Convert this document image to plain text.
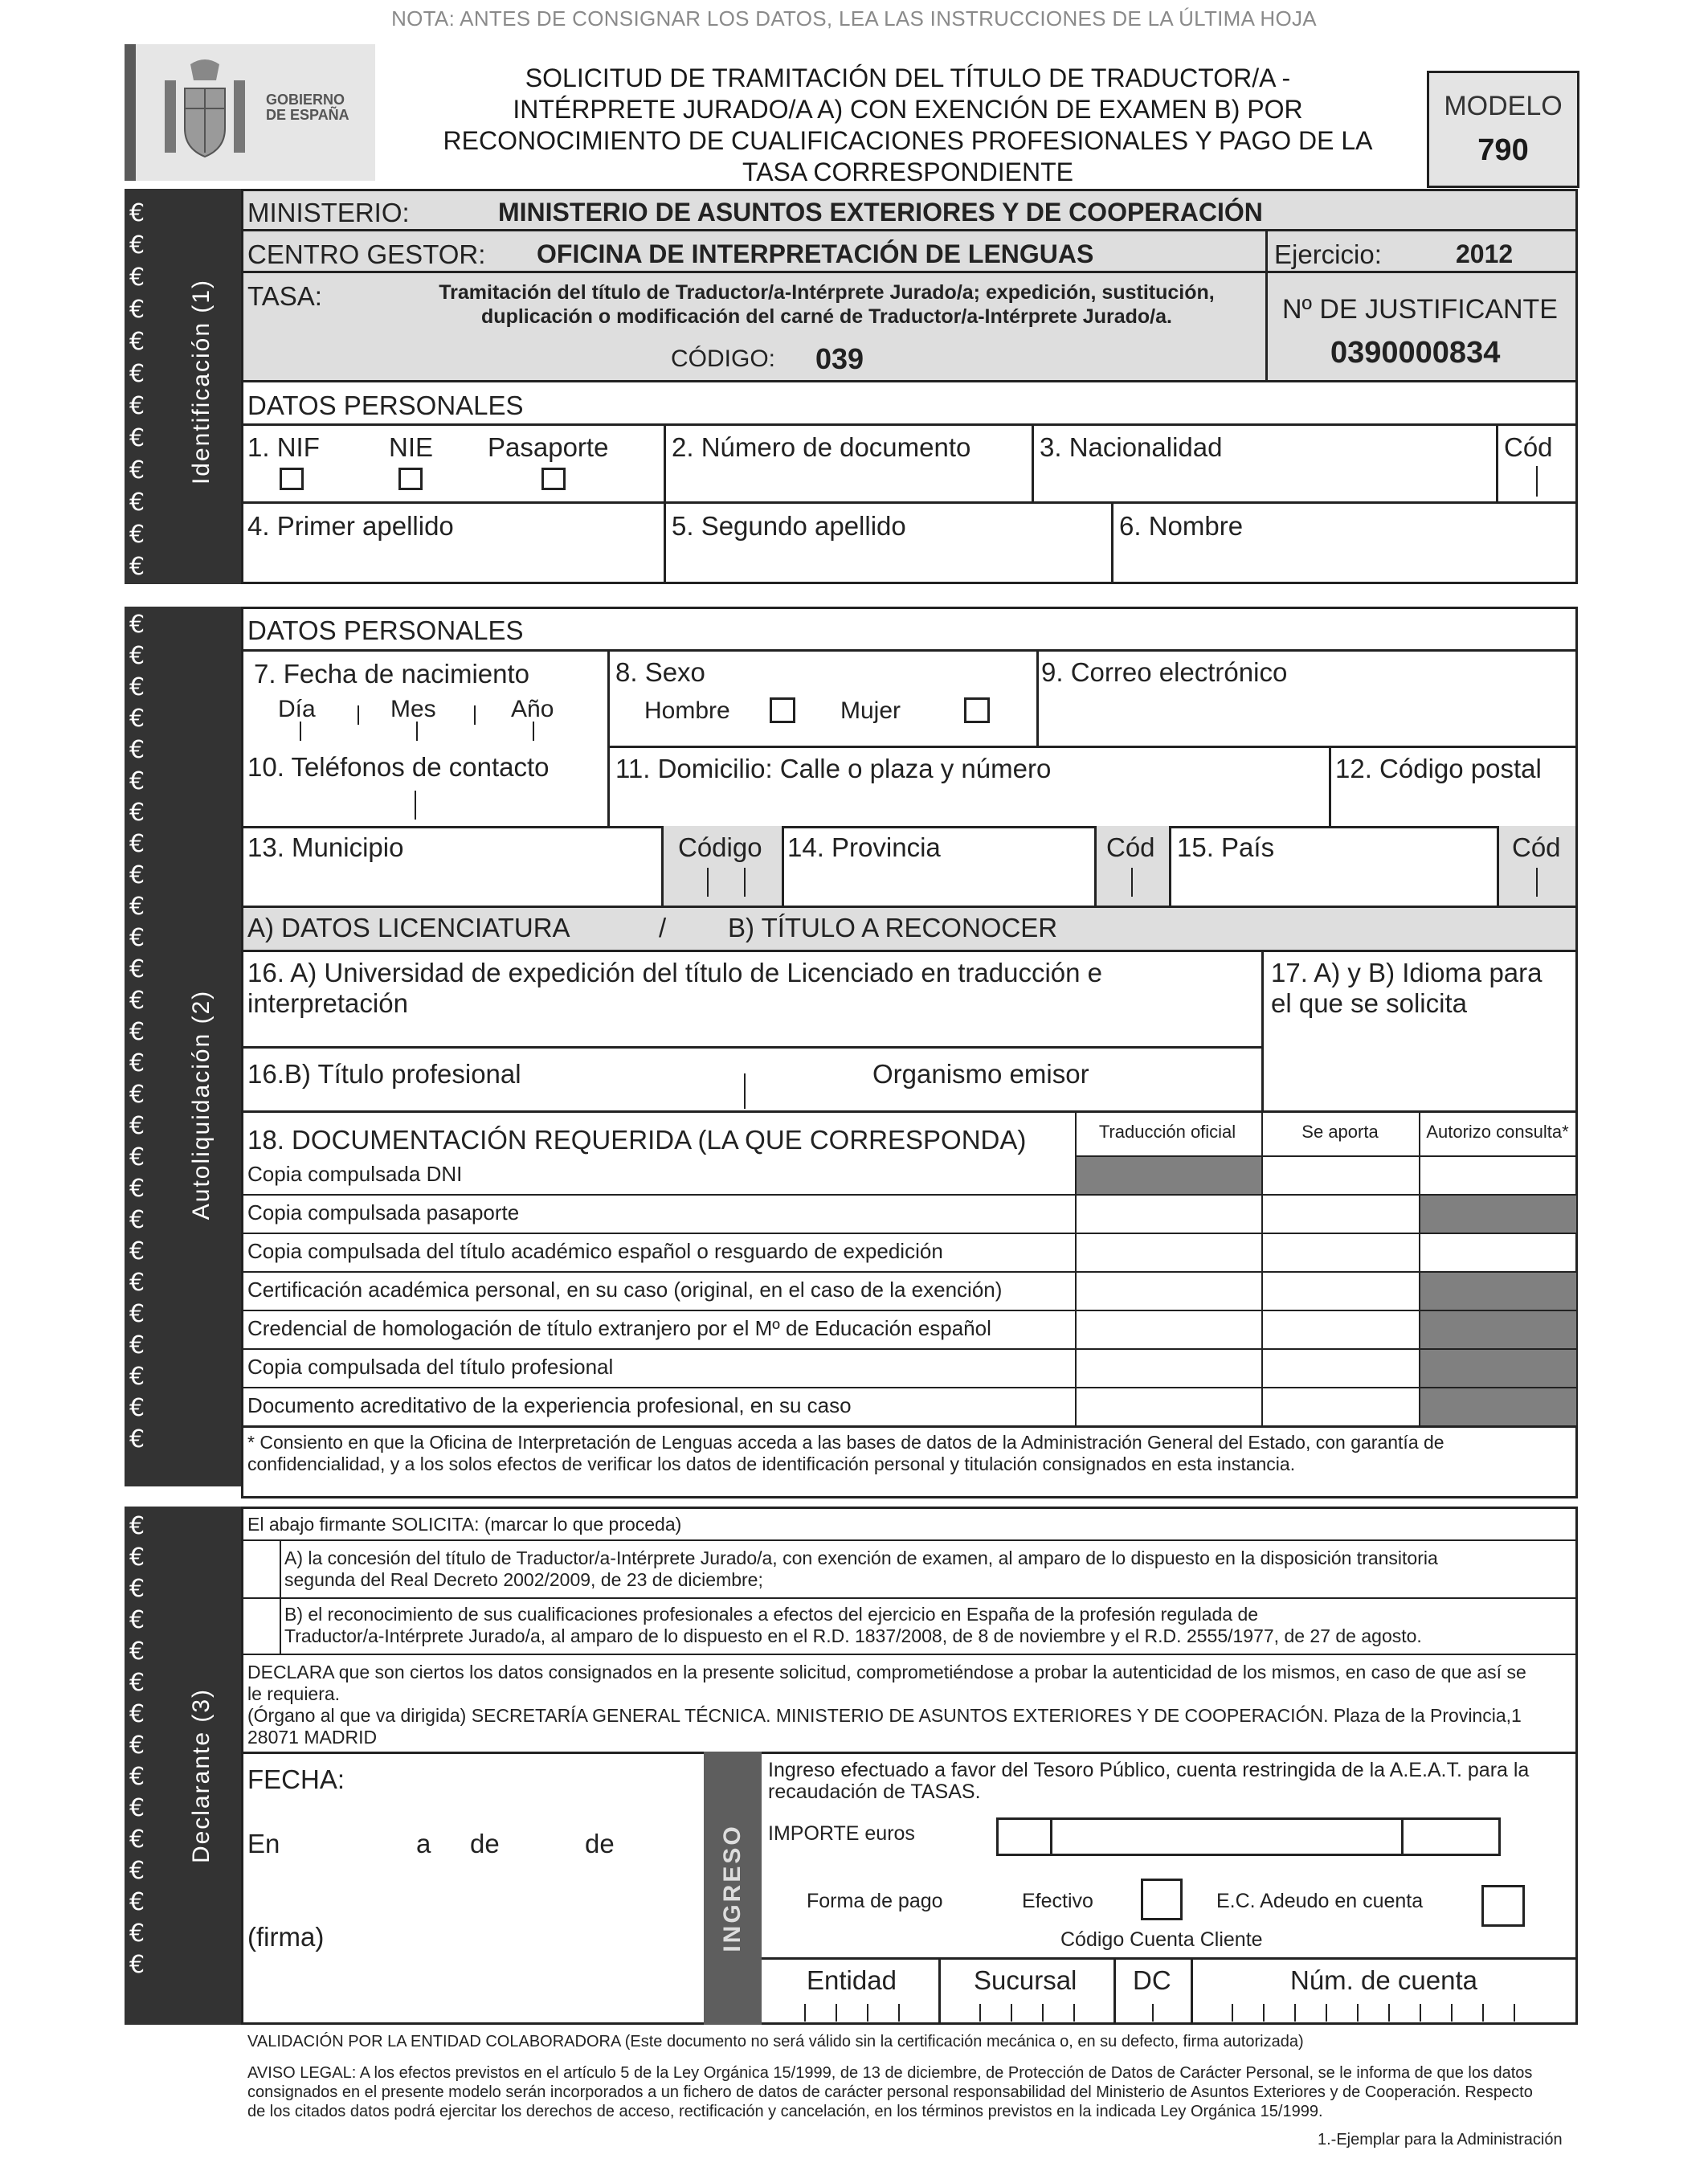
NOTA: ANTES DE CONSIGNAR LOS DATOS, LEA LAS INSTRUCCIONES DE LA ÚLTIMA HOJA
GOBIERNO
DE ESPAÑA
SOLICITUD DE TRAMITACIÓN DEL TÍTULO DE TRADUCTOR/A -
INTÉRPRETE JURADO/A A) CON EXENCIÓN DE EXAMEN B) POR
RECONOCIMIENTO DE CUALIFICACIONES PROFESIONALES Y PAGO DE LA
TASA CORRESPONDIENTE
MODELO
790
€
€
€
€
€
€
€
€
€
€
€
€
Identificación (1)
MINISTERIO:	MINISTERIO DE ASUNTOS EXTERIORES Y DE COOPERACIÓN
CENTRO GESTOR: OFICINA DE INTERPRETACIÓN DE LENGUAS	Ejercicio:	2012
TASA:	Tramitación del título de Traductor/a-Intérprete Jurado/a; expedición, sustitución,
duplicación o modificación del carné de Traductor/a-Intérprete Jurado/a.
CÓDIGO: 039
Nº DE JUSTIFICANTE
0390000834
DATOS PERSONALES
1. NIF	NIE Pasaporte 2. Número de documento	3. Nacionalidad	Cód
4. Primer apellido	5. Segundo apellido	6. Nombre
€
€
€
€
€
€
€
€
€
€
€
€
€
€
€
€
€
€
€
€
€
€
€
€
€
€
€
Autoliquidación (2)
DATOS PERSONALES
7. Fecha de nacimiento
Día	Mes	Año
8. Sexo
Hombre	Mujer
9. Correo electrónico
10. Teléfonos de contacto 11. Domicilio: Calle o plaza y número	12. Código postal
13. Municipio	Código 14. Provincia	Cód 15. País	Cód
A) DATOS LICENCIATURA	/ B) TÍTULO A RECONOCER
16. A) Universidad de expedición del título de Licenciado en traducción e
interpretación
17. A) y B) Idioma para
el que se solicita
16.B) Título profesional	Organismo emisor
18. DOCUMENTACIÓN REQUERIDA (LA QUE CORRESPONDA)	Traducción oficial	Se aporta	Autorizo consulta*
Copia compulsada DNI
Copia compulsada pasaporte
Copia compulsada del título académico español o resguardo de expedición
Certificación académica personal, en su caso (original, en el caso de la exención)
Credencial de homologación de título extranjero por el Mº de Educación español
Copia compulsada del título profesional
Documento acreditativo de la experiencia profesional, en su caso
* Consiento en que la Oficina de Interpretación de Lenguas acceda a las bases de datos de la Administración General del Estado, con garantía de
confidencialidad, y a los solos efectos de verificar los datos de identificación personal y titulación consignados en esta instancia.
€
€
€
€
€
€
€
€
€
€
€
€
€
€
€
Declarante (3)
El abajo firmante SOLICITA: (marcar lo que proceda)
A) la concesión del título de Traductor/a-Intérprete Jurado/a, con exención de examen, al amparo de lo dispuesto en la disposición transitoria
segunda del Real Decreto 2002/2009, de 23 de diciembre;
B) el reconocimiento de sus cualificaciones profesionales a efectos del ejercicio en España de la profesión regulada de
Traductor/a-Intérprete Jurado/a, al amparo de lo dispuesto en el R.D. 1837/2008, de 8 de noviembre y el R.D. 2555/1977, de 27 de agosto.
DECLARA que son ciertos los datos consignados en la presente solicitud, comprometiéndose a probar la autenticidad de los mismos, en caso de que así se
le requiera.
(Órgano al que va dirigida) SECRETARÍA GENERAL TÉCNICA. MINISTERIO DE ASUNTOS EXTERIORES Y DE COOPERACIÓN. Plaza de la Provincia,1
28071 MADRID
FECHA:
En	a de	de
(firma)	INGRESO
Ingreso efectuado a favor del Tesoro Público, cuenta restringida de la A.E.A.T. para la
recaudación de TASAS.
IMPORTE euros
Forma de pago	Efectivo	E.C. Adeudo en cuenta
Código Cuenta Cliente
Entidad	Sucursal DC	Núm. de cuenta
VALIDACIÓN POR LA ENTIDAD COLABORADORA (Este documento no será válido sin la certificación mecánica o, en su defecto, firma autorizada)
AVISO LEGAL: A los efectos previstos en el artículo 5 de la Ley Orgánica 15/1999, de 13 de diciembre, de Protección de Datos de Carácter Personal, se le informa de que los datos
consignados en el presente modelo serán incorporados a un fichero de datos de carácter personal responsabilidad del Ministerio de Asuntos Exteriores y de Cooperación. Respecto
de los citados datos podrá ejercitar los derechos de acceso, rectificación y cancelación, en los términos previstos en la indicada Ley Orgánica 15/1999.
1.-Ejemplar para la Administración
